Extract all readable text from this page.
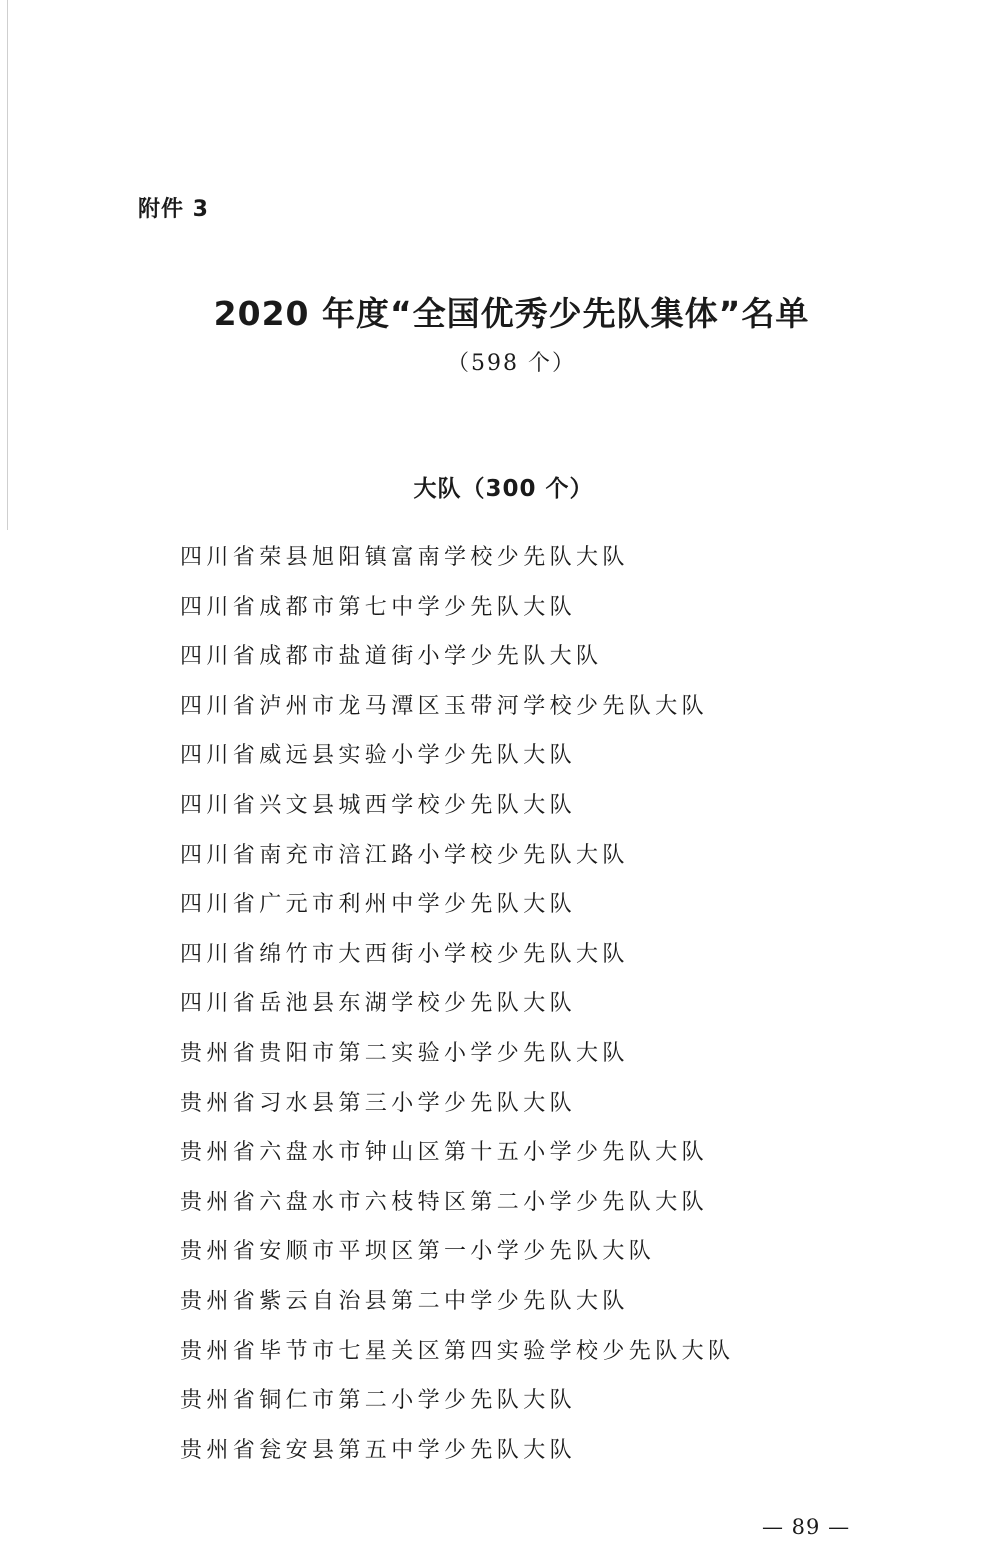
附件 3
2020 年度“全国优秀少先队集体”名单
（598 个）
大队（300 个）
四川省荣县旭阳镇富南学校少先队大队
四川省成都市第七中学少先队大队
四川省成都市盐道街小学少先队大队
四川省泸州市龙马潭区玉带河学校少先队大队
四川省威远县实验小学少先队大队
四川省兴文县城西学校少先队大队
四川省南充市涪江路小学校少先队大队
四川省广元市利州中学少先队大队
四川省绵竹市大西街小学校少先队大队
四川省岳池县东湖学校少先队大队
贵州省贵阳市第二实验小学少先队大队
贵州省习水县第三小学少先队大队
贵州省六盘水市钟山区第十五小学少先队大队
贵州省六盘水市六枝特区第二小学少先队大队
贵州省安顺市平坝区第一小学少先队大队
贵州省紫云自治县第二中学少先队大队
贵州省毕节市七星关区第四实验学校少先队大队
贵州省铜仁市第二小学少先队大队
贵州省瓮安县第五中学少先队大队
— 89 —
